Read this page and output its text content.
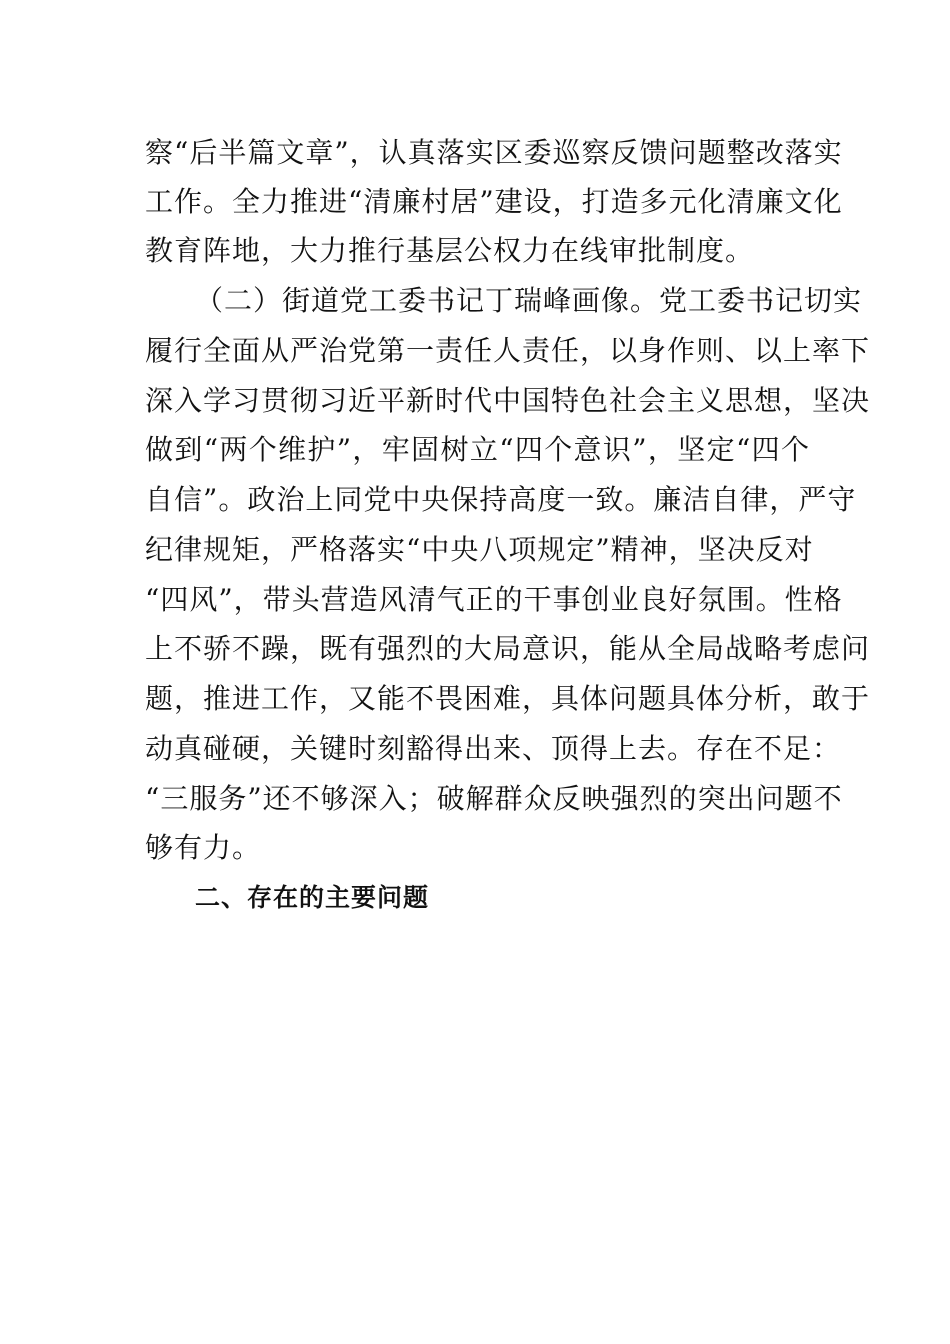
察“后半篇文章”，认真落实区委巡察反馈问题整改落实
工作。全力推进“清廉村居”建设，打造多元化清廉文化
教育阵地，大力推行基层公权力在线审批制度。
（二）街道党工委书记丁瑞峰画像。党工委书记切实
履行全面从严治党第一责任人责任，以身作则、以上率下
深入学习贯彻习近平新时代中国特色社会主义思想，坚决
做到“两个维护”，牢固树立“四个意识”，坚定“四个
自信”。政治上同党中央保持高度一致。廉洁自律，严守
纪律规矩，严格落实“中央八项规定”精神，坚决反对
“四风”，带头营造风清气正的干事创业良好氛围。性格
上不骄不躁，既有强烈的大局意识，能从全局战略考虑问
题，推进工作，又能不畏困难，具体问题具体分析，敢于
动真碰硬，关键时刻豁得出来、顶得上去。存在不足：
“三服务”还不够深入；破解群众反映强烈的突出问题不
够有力。
二、存在的主要问题
